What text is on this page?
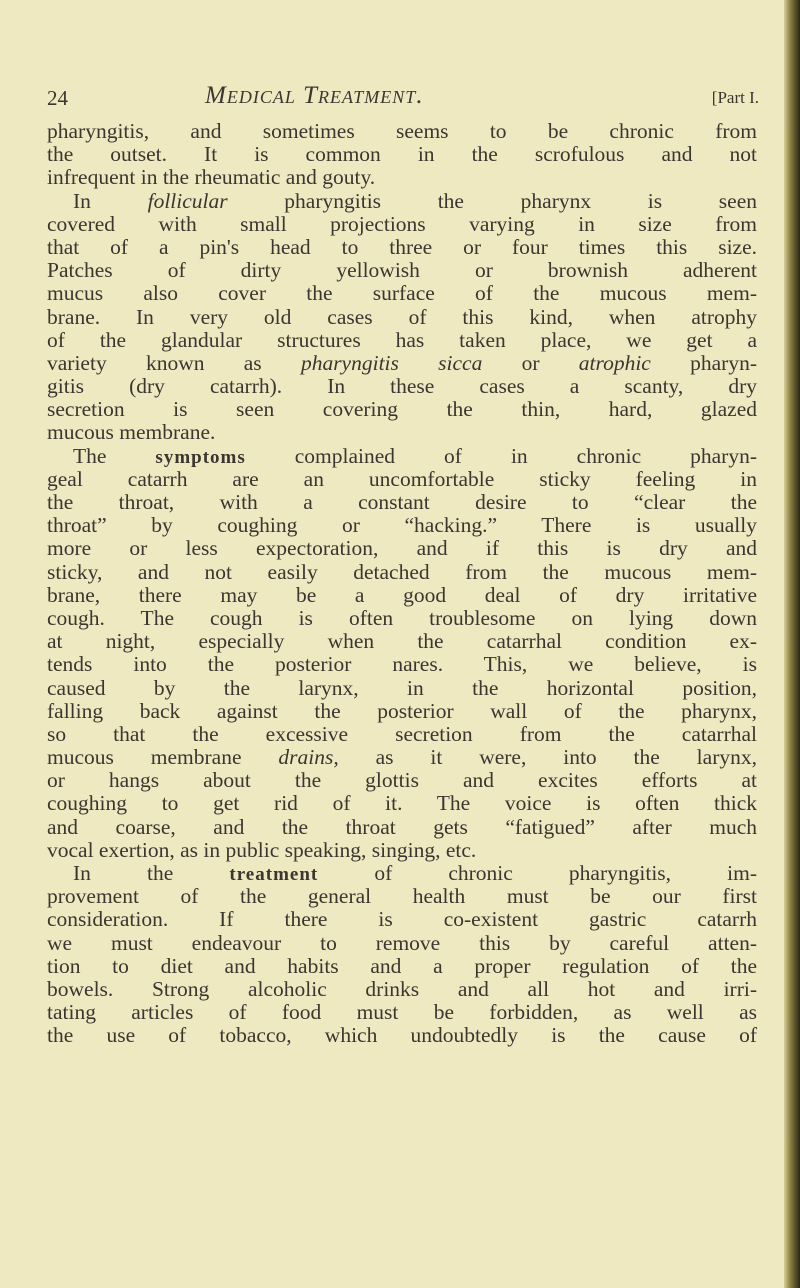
24	Medical Treatment.	[Part I.
pharyngitis, and sometimes seems to be chronic from
the outset. It is common in the scrofulous and not
infrequent in the rheumatic and gouty.
In follicular pharyngitis the pharynx is seen
covered with small projections varying in size from
that of a pin's head to three or four times this size.
Patches of dirty yellowish or brownish adherent
mucus also cover the surface of the mucous mem-
brane. In very old cases of this kind, when atrophy
of the glandular structures has taken place, we get a
variety known as pharyngitis sicca or atrophic pharyn-
gitis (dry catarrh). In these cases a scanty, dry
secretion is seen covering the thin, hard, glazed
mucous membrane.
The symptoms complained of in chronic pharyn-
geal catarrh are an uncomfortable sticky feeling in
the throat, with a constant desire to “clear the
throat” by coughing or “hacking.” There is usually
more or less expectoration, and if this is dry and
sticky, and not easily detached from the mucous mem-
brane, there may be a good deal of dry irritative
cough. The cough is often troublesome on lying down
at night, especially when the catarrhal condition ex-
tends into the posterior nares. This, we believe, is
caused by the larynx, in the horizontal position,
falling back against the posterior wall of the pharynx,
so that the excessive secretion from the catarrhal
mucous membrane drains, as it were, into the larynx,
or hangs about the glottis and excites efforts at
coughing to get rid of it. The voice is often thick
and coarse, and the throat gets “fatigued” after much
vocal exertion, as in public speaking, singing, etc.
In the treatment of chronic pharyngitis, im-
provement of the general health must be our first
consideration. If there is co-existent gastric catarrh
we must endeavour to remove this by careful atten-
tion to diet and habits and a proper regulation of the
bowels. Strong alcoholic drinks and all hot and irri-
tating articles of food must be forbidden, as well as
the use of tobacco, which undoubtedly is the cause of
